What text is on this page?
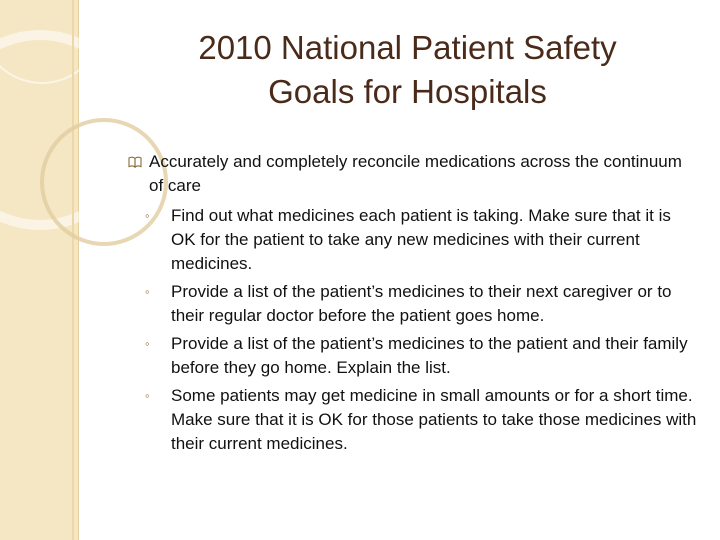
2010 National Patient Safety
Goals for Hospitals
Accurately and completely reconcile medications across the continuum of care
◦ Find out what medicines each patient is taking. Make sure that it is OK for the patient to take any new medicines with their current medicines.
◦ Provide a list of the patient’s medicines to their next caregiver or to their regular doctor before the patient goes home.
◦ Provide a list of the patient’s medicines to the patient and their family before they go home. Explain the list.
◦ Some patients may get medicine in small amounts or for a short time. Make sure that it is OK for those patients to take those medicines with their current medicines.
